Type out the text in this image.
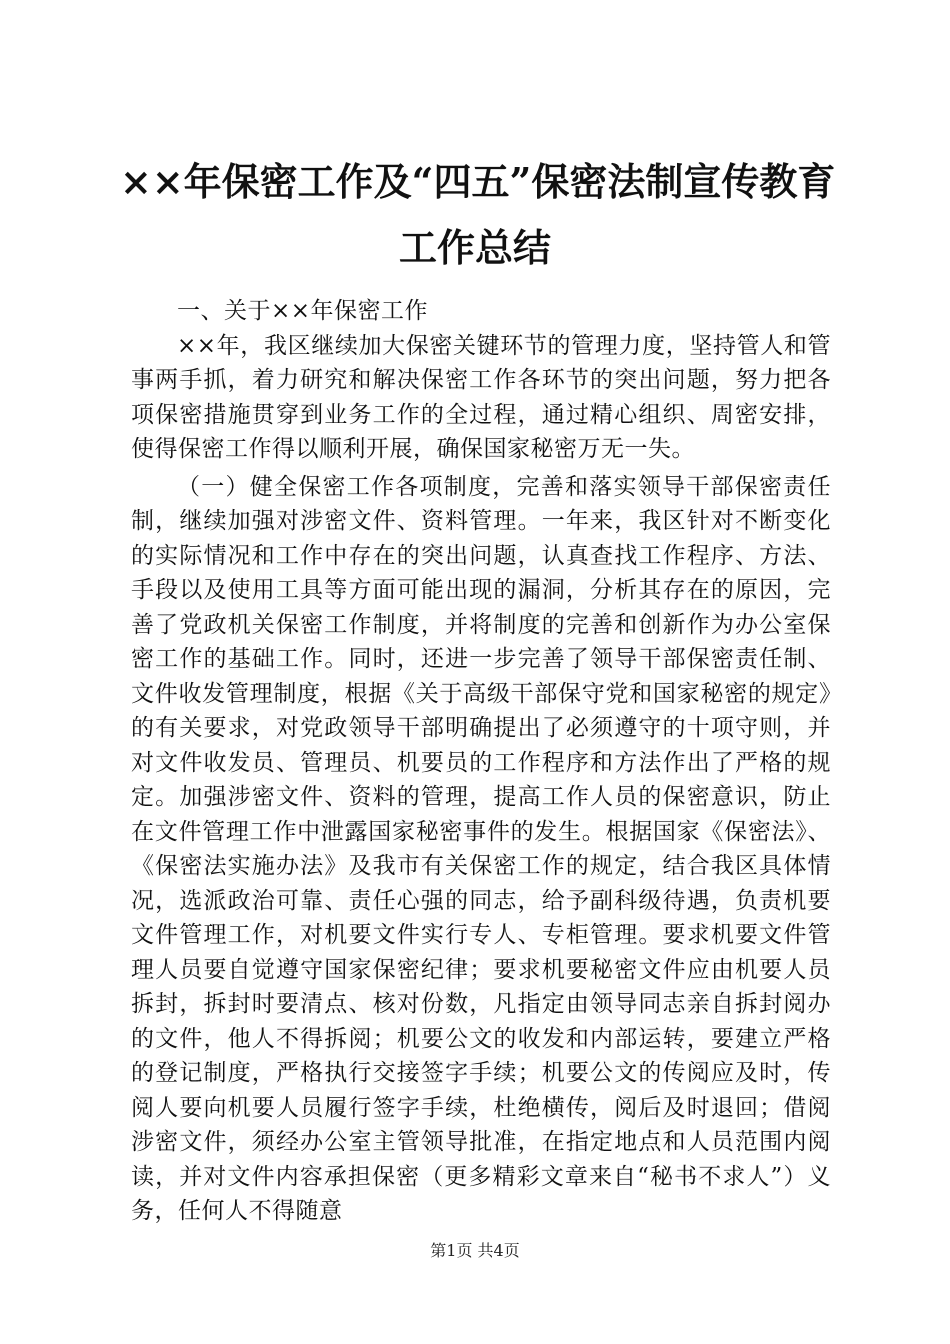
××年保密工作及“四五”保密法制宣传教育
工作总结

一、关于××年保密工作

××年，我区继续加大保密关键环节的管理力度，坚持管人和管事两手抓，着力研究和解决保密工作各环节的突出问题，努力把各项保密措施贯穿到业务工作的全过程，通过精心组织、周密安排，使得保密工作得以顺利开展，确保国家秘密万无一失。

（一）健全保密工作各项制度，完善和落实领导干部保密责任制，继续加强对涉密文件、资料管理。一年来，我区针对不断变化的实际情况和工作中存在的突出问题，认真查找工作程序、方法、手段以及使用工具等方面可能出现的漏洞，分析其存在的原因，完善了党政机关保密工作制度，并将制度的完善和创新作为办公室保密工作的基础工作。同时，还进一步完善了领导干部保密责任制、文件收发管理制度，根据《关于高级干部保守党和国家秘密的规定》的有关要求，对党政领导干部明确提出了必须遵守的十项守则，并对文件收发员、管理员、机要员的工作程序和方法作出了严格的规定。加强涉密文件、资料的管理，提高工作人员的保密意识，防止在文件管理工作中泄露国家秘密事件的发生。根据国家《保密法》、《保密法实施办法》及我市有关保密工作的规定，结合我区具体情况，选派政治可靠、责任心强的同志，给予副科级待遇，负责机要文件管理工作，对机要文件实行专人、专柜管理。要求机要文件管理人员要自觉遵守国家保密纪律；要求机要秘密文件应由机要人员拆封，拆封时要清点、核对份数，凡指定由领导同志亲自拆封阅办的文件，他人不得拆阅；机要公文的收发和内部运转，要建立严格的登记制度，严格执行交接签字手续；机要公文的传阅应及时，传阅人要向机要人员履行签字手续，杜绝横传，阅后及时退回；借阅涉密文件，须经办公室主管领导批准，在指定地点和人员范围内阅读，并对文件内容承担保密（更多精彩文章来自“秘书不求人”）义务，任何人不得随意

第1页 共4页
